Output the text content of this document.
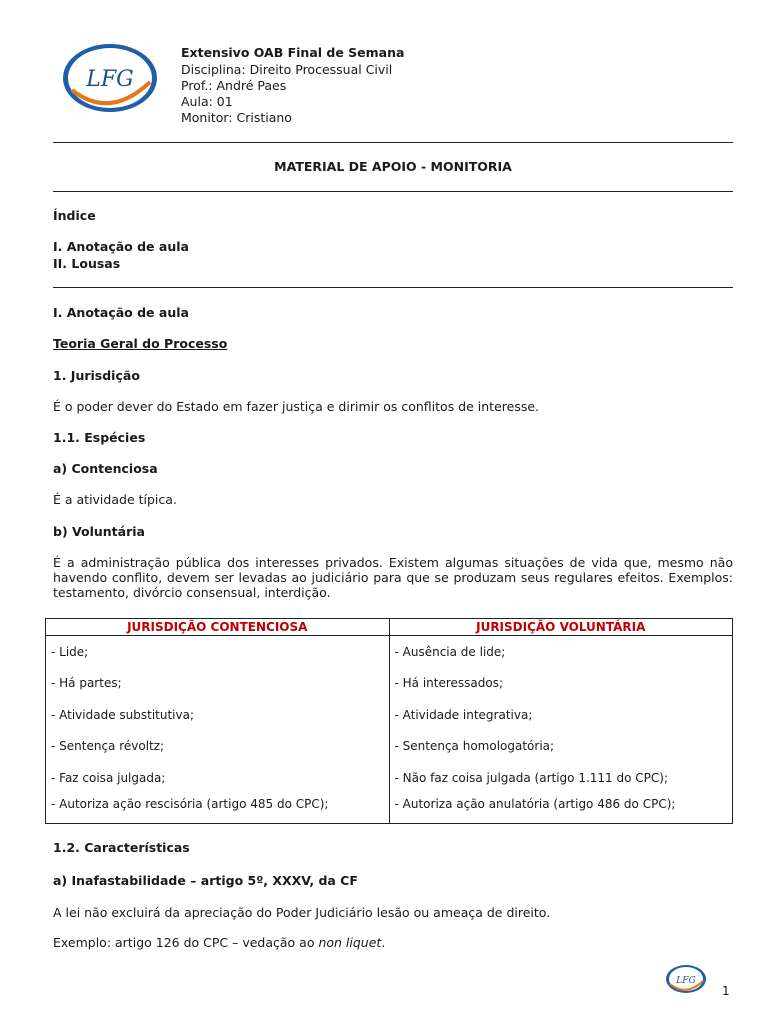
LFG
Extensivo OAB Final de Semana
Disciplina: Direito Processual Civil
Prof.: André Paes
Aula: 01
Monitor: Cristiano
MATERIAL DE APOIO - MONITORIA
Índice
I. Anotação de aula
II. Lousas
I. Anotação de aula
Teoria Geral do Processo
1. Jurisdição
É o poder dever do Estado em fazer justiça e dirimir os conflitos de interesse.
1.1. Espécies
a) Contenciosa
É a atividade típica.
b) Voluntária
É a administração pública dos interesses privados. Existem algumas situações de vida que, mesmo não havendo conflito, devem ser levadas ao judiciário para que se produzam seus regulares efeitos. Exemplos: testamento, divórcio consensual, interdição.
JURISDIÇÃO CONTENCIOSA	JURISDIÇÃO VOLUNTÁRIA
- Lide;	- Ausência de lide;
- Há partes;	- Há interessados;
- Atividade substitutiva;	- Atividade integrativa;
- Sentença révoltz;	- Sentença homologatória;
- Faz coisa julgada;	- Não faz coisa julgada (artigo 1.111 do CPC);
- Autoriza ação rescisória (artigo 485 do CPC);	- Autoriza ação anulatória (artigo 486 do CPC);
1.2. Características
a) Inafastabilidade – artigo 5º, XXXV, da CF
A lei não excluirá da apreciação do Poder Judiciário lesão ou ameaça de direito.
Exemplo: artigo 126 do CPC – vedação ao non liquet.
LFG
1
